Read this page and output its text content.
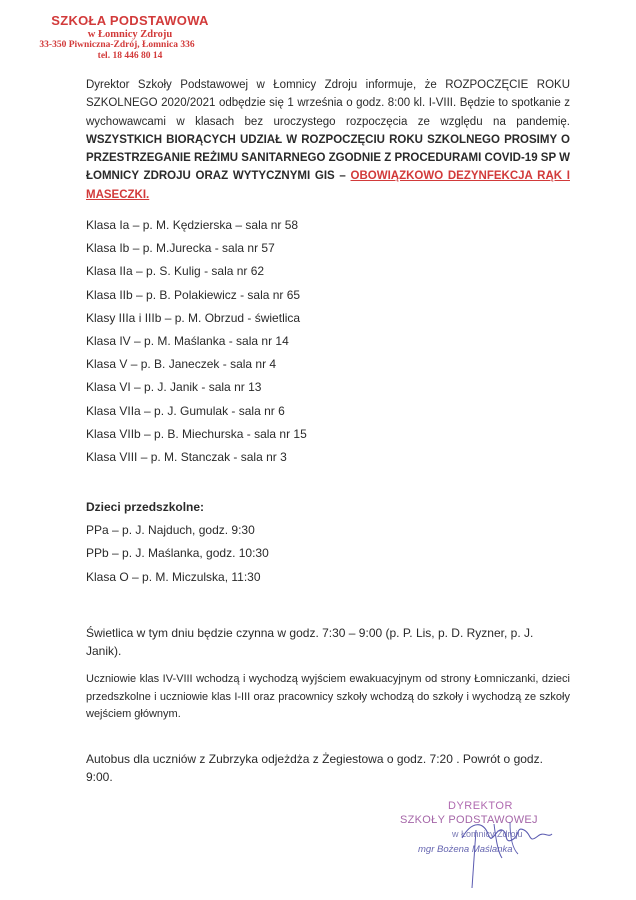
SZKOŁA PODSTAWOWA
w Łomnicy Zdroju
33-350 Piwniczna-Zdrój, Łomnica 336
tel. 18 446 80 14

Dyrektor Szkoły Podstawowej w Łomnicy Zdroju informuje, że ROZPOCZĘCIE ROKU SZKOLNEGO 2020/2021 odbędzie się 1 września o godz. 8:00 kl. I-VIII. Będzie to spotkanie z wychowawcami w klasach bez uroczystego rozpoczęcia ze względu na pandemię. WSZYSTKICH BIORĄCYCH UDZIAŁ W ROZPOCZĘCIU ROKU SZKOLNEGO PROSIMY O PRZESTRZEGANIE REŻIMU SANITARNEGO ZGODNIE Z PROCEDURAMI COVID-19 SP W ŁOMNICY ZDROJU ORAZ WYTYCZNYMI GIS – OBOWIĄZKOWO DEZYNFEKCJA RĄK I MASECZKI.

Klasa Ia – p. M. Kędzierska – sala nr 58
Klasa Ib – p. M.Jurecka - sala nr 57
Klasa IIa – p. S. Kulig - sala nr 62
Klasa IIb – p. B. Polakiewicz - sala nr 65
Klasy IIIa i IIIb – p. M. Obrzud - świetlica
Klasa IV – p. M. Maślanka - sala nr 14
Klasa V – p. B. Janeczek - sala nr 4
Klasa VI – p. J. Janik - sala nr 13
Klasa VIIa – p. J. Gumulak - sala nr 6
Klasa VIIb – p. B. Miechurska - sala nr 15
Klasa VIII – p. M. Stanczak - sala nr 3
Dzieci przedszkolne:
PPa – p. J. Najduch, godz. 9:30
PPb – p. J. Maślanka, godz. 10:30
Klasa O – p. M. Miczulska, 11:30
Świetlica w tym dniu będzie czynna w godz. 7:30 – 9:00 (p. P. Lis, p. D. Ryzner, p. J. Janik).
Uczniowie klas IV-VIII wchodzą i wychodzą wyjściem ewakuacyjnym od strony Łomniczanki, dzieci przedszkolne i uczniowie klas I-III oraz pracownicy szkoły wchodzą do szkoły i wychodzą ze szkoły wejściem głównym.
Autobus dla uczniów z Zubrzyka odjeżdża z Żegiestowa o godz. 7:20 . Powrót o godz. 9:00.
DYREKTOR
SZKOŁY PODSTAWOWEJ
w Łomnicy Zdroju
mgr Bożena Maślanka
